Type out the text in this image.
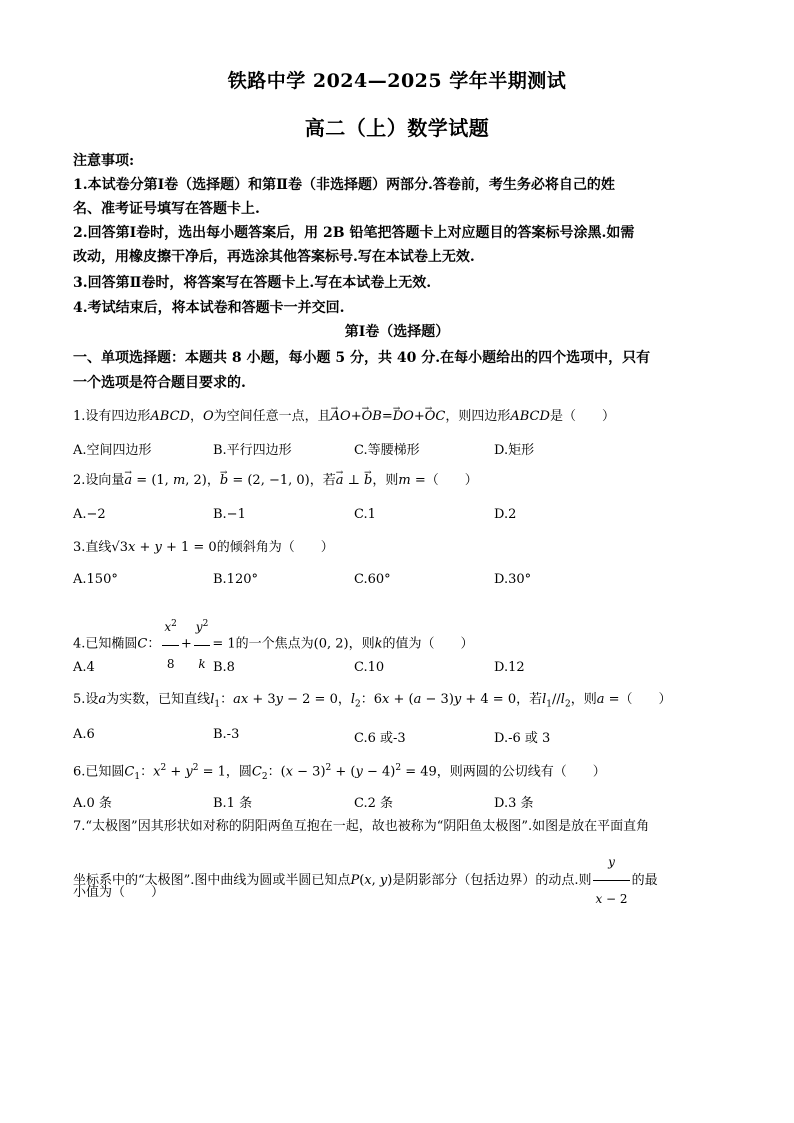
铁路中学 2024—2025 学年半期测试
高二（上）数学试题
注意事项:
1.本试卷分第Ⅰ卷（选择题）和第Ⅱ卷（非选择题）两部分.答卷前，考生务必将自己的姓
名、准考证号填写在答题卡上.
2.回答第Ⅰ卷时，选出每小题答案后，用 2B 铅笔把答题卡上对应题目的答案标号涂黑.如需
改动，用橡皮擦干净后，再选涂其他答案标号.写在本试卷上无效.
3.回答第Ⅱ卷时，将答案写在答题卡上.写在本试卷上无效.
4.考试结束后，将本试卷和答题卡一并交回.
第Ⅰ卷（选择题）
一、单项选择题：本题共 8 小题，每小题 5 分，共 40 分.在每小题给出的四个选项中，只有
一个选项是符合题目要求的.
1.设有四边形ABCD，O为空间任意一点，且→ AO+→ OB=→ DO+→ OC，则四边形ABCD是（　　）
A.空间四边形	B.平行四边形	C.等腰梯形	D.矩形
2.设向量→ a = (1, m, 2)，→ b = (2, −1, 0)，若→ a ⊥ → b，则m =（　　）
A.−2	B.−1	C.1	D.2
3.直线√3x + y + 1 = 0的倾斜角为（　　）
A.150°	B.120°	C.60°	D.30°
4.已知椭圆C： $\frac{x^2}{8} + \frac{y^2}{k} = 1$的一个焦点为(0, 2)，则k的值为（　　）
A.4	B.8	C.10	D.12
5.设a为实数，已知直线$l_1$：ax + 3y − 2 = 0，$l_2$：6x + (a − 3)y + 4 = 0，若$l_1//l_2$，则a =（　　）
A.6	B.-3	C.6 或-3	D.-6 或 3
6.已知圆$C_1$：$x^2 + y^2 = 1$，圆$C_2$：$(x - 3)^2 + (y - 4)^2 = 49$，则两圆的公切线有（　　）
A.0 条	B.1 条	C.2 条	D.3 条
7.“太极图”因其形状如对称的阴阳两鱼互抱在一起，故也被称为“阴阳鱼太极图”.如图是放在平面直角
坐标系中的“太极图”.图中曲线为圆或半圆已知点P(x, y)是阴影部分（包括边界）的动点.则 $\frac{y}{x - 2}$ 的最
小值为（　　）
